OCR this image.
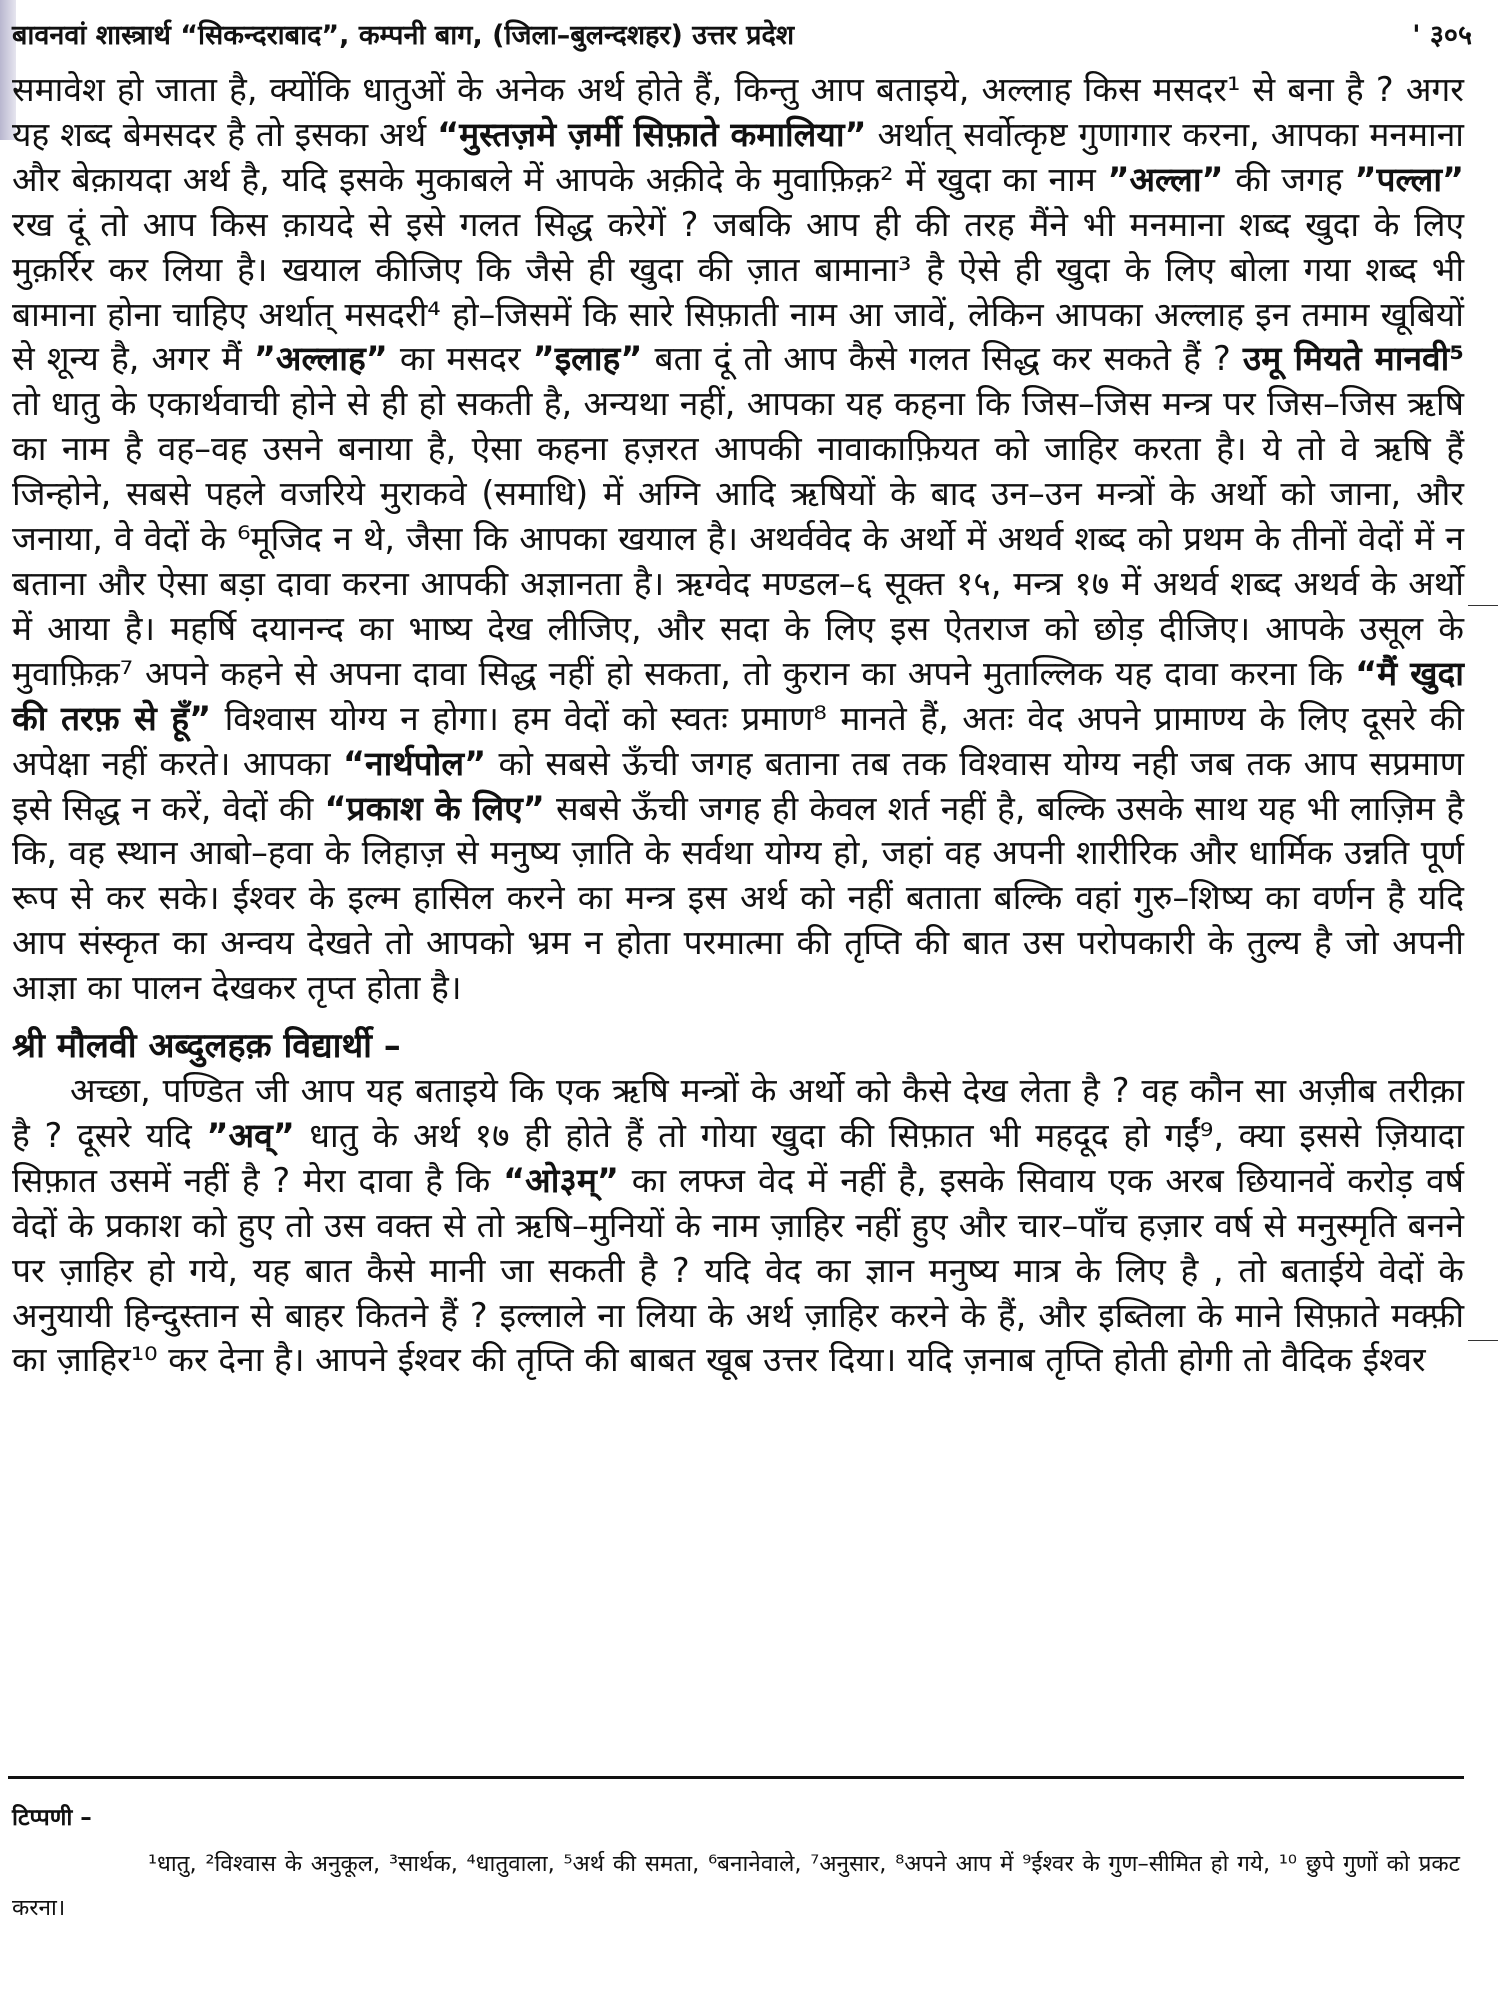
बावनवां शास्त्रार्थ “सिकन्दराबाद”, कम्पनी बाग, (जिला–बुलन्दशहर) उत्तर प्रदेश	' ३०५

समावेश हो जाता है, क्योंकि धातुओं के अनेक अर्थ होते हैं, किन्तु आप बताइये, अल्लाह किस मसदर¹ से बना है ? अगर यह शब्द बेमसदर है तो इसका अर्थ “मुस्तज़मे ज़र्मी सिफ़ाते कमालिया” अर्थात् सर्वोत्कृष्ट गुणागार करना, आपका मनमाना और बेक़ायदा अर्थ है, यदि इसके मुकाबले में आपके अक़ीदे के मुवाफ़िक़² में खुदा का नाम ”अल्ला” की जगह ”पल्ला” रख दूं तो आप किस क़ायदे से इसे गलत सिद्ध करेगें ? जबकि आप ही की तरह मैंने भी मनमाना शब्द खुदा के लिए मुक़र्रिर कर लिया है। खयाल कीजिए कि जैसे ही खुदा की ज़ात बामाना³ है ऐसे ही खुदा के लिए बोला गया शब्द भी बामाना होना चाहिए अर्थात् मसदरी⁴ हो–जिसमें कि सारे सिफ़ाती नाम आ जावें, लेकिन आपका अल्लाह इन तमाम खूबियों से शून्य है, अगर मैं ”अल्लाह” का मसदर ”इलाह” बता दूं तो आप कैसे गलत सिद्ध कर सकते हैं ? उमू मियते मानवी⁵ तो धातु के एकार्थवाची होने से ही हो सकती है, अन्यथा नहीं, आपका यह कहना कि जिस–जिस मन्त्र पर जिस–जिस ऋषि का नाम है वह–वह उसने बनाया है, ऐसा कहना हज़रत आपकी नावाकाफ़ियत को जाहिर करता है। ये तो वे ऋषि हैं जिन्होने, सबसे पहले वजरिये मुराकवे (समाधि) में अग्नि आदि ऋषियों के बाद उन–उन मन्त्रों के अर्थो को जाना, और जनाया, वे वेदों के ⁶मूजिद न थे, जैसा कि आपका खयाल है। अथर्ववेद के अर्थो में अथर्व शब्द को प्रथम के तीनों वेदों में न बताना और ऐसा बड़ा दावा करना आपकी अज्ञानता है। ऋग्वेद मण्डल–६ सूक्त १५, मन्त्र १७ में अथर्व शब्द अथर्व के अर्थो में आया है। महर्षि दयानन्द का भाष्य देख लीजिए, और सदा के लिए इस ऐतराज को छोड़ दीजिए। आपके उसूल के मुवाफ़िक़⁷ अपने कहने से अपना दावा सिद्ध नहीं हो सकता, तो कुरान का अपने मुताल्लिक यह दावा करना कि “मैं खुदा की तरफ़ से हूँ” विश्वास योग्य न होगा। हम वेदों को स्वतः प्रमाण⁸ मानते हैं, अतः वेद अपने प्रामाण्य के लिए दूसरे की अपेक्षा नहीं करते। आपका “नार्थपोल” को सबसे ऊँची जगह बताना तब तक विश्वास योग्य नही जब तक आप सप्रमाण इसे सिद्ध न करें, वेदों की “प्रकाश के लिए” सबसे ऊँची जगह ही केवल शर्त नहीं है, बल्कि उसके साथ यह भी लाज़िम है कि, वह स्थान आबो–हवा के लिहाज़ से मनुष्य ज़ाति के सर्वथा योग्य हो, जहां वह अपनी शारीरिक और धार्मिक उन्नति पूर्ण रूप से कर सके। ईश्वर के इल्म हासिल करने का मन्त्र इस अर्थ को नहीं बताता बल्कि वहां गुरु–शिष्य का वर्णन है यदि आप संस्कृत का अन्वय देखते तो आपको भ्रम न होता परमात्मा की तृप्ति की बात उस परोपकारी के तुल्य है जो अपनी आज्ञा का पालन देखकर तृप्त होता है।

श्री मौलवी अब्दुलहक़ विद्यार्थी –

अच्छा, पण्डित जी आप यह बताइये कि एक ऋषि मन्त्रों के अर्थो को कैसे देख लेता है ? वह कौन सा अज़ीब तरीक़ा है ? दूसरे यदि ”अव्” धातु के अर्थ १७ ही होते हैं तो गोया खुदा की सिफ़ात भी महदूद हो गईं⁹, क्या इससे ज़ियादा सिफ़ात उसमें नहीं है ? मेरा दावा है कि “ओ३म्” का लफ्ज वेद में नहीं है, इसके सिवाय एक अरब छियानवें करोड़ वर्ष वेदों के प्रकाश को हुए तो उस वक्त से तो ऋषि–मुनियों के नाम ज़ाहिर नहीं हुए और चार–पाँच हज़ार वर्ष से मनुस्मृति बनने पर ज़ाहिर हो गये, यह बात कैसे मानी जा सकती है ? यदि वेद का ज्ञान मनुष्य मात्र के लिए है , तो बताईये वेदों के अनुयायी हिन्दुस्तान से बाहर कितने हैं ? इल्लाले ना लिया के अर्थ ज़ाहिर करने के हैं, और इब्तिला के माने सिफ़ाते मक्फ़ी का ज़ाहिर¹⁰ कर देना है। आपने ईश्वर की तृप्ति की बाबत खूब उत्तर दिया। यदि ज़नाब तृप्ति होती होगी तो वैदिक ईश्वर

टिप्पणी –
¹धातु, ²विश्वास के अनुकूल, ³सार्थक, ⁴धातुवाला, ⁵अर्थ की समता, ⁶बनानेवाले, ⁷अनुसार, ⁸अपने आप में ⁹ईश्वर के गुण–सीमित हो गये, ¹⁰ छुपे गुणों को प्रकट करना।
